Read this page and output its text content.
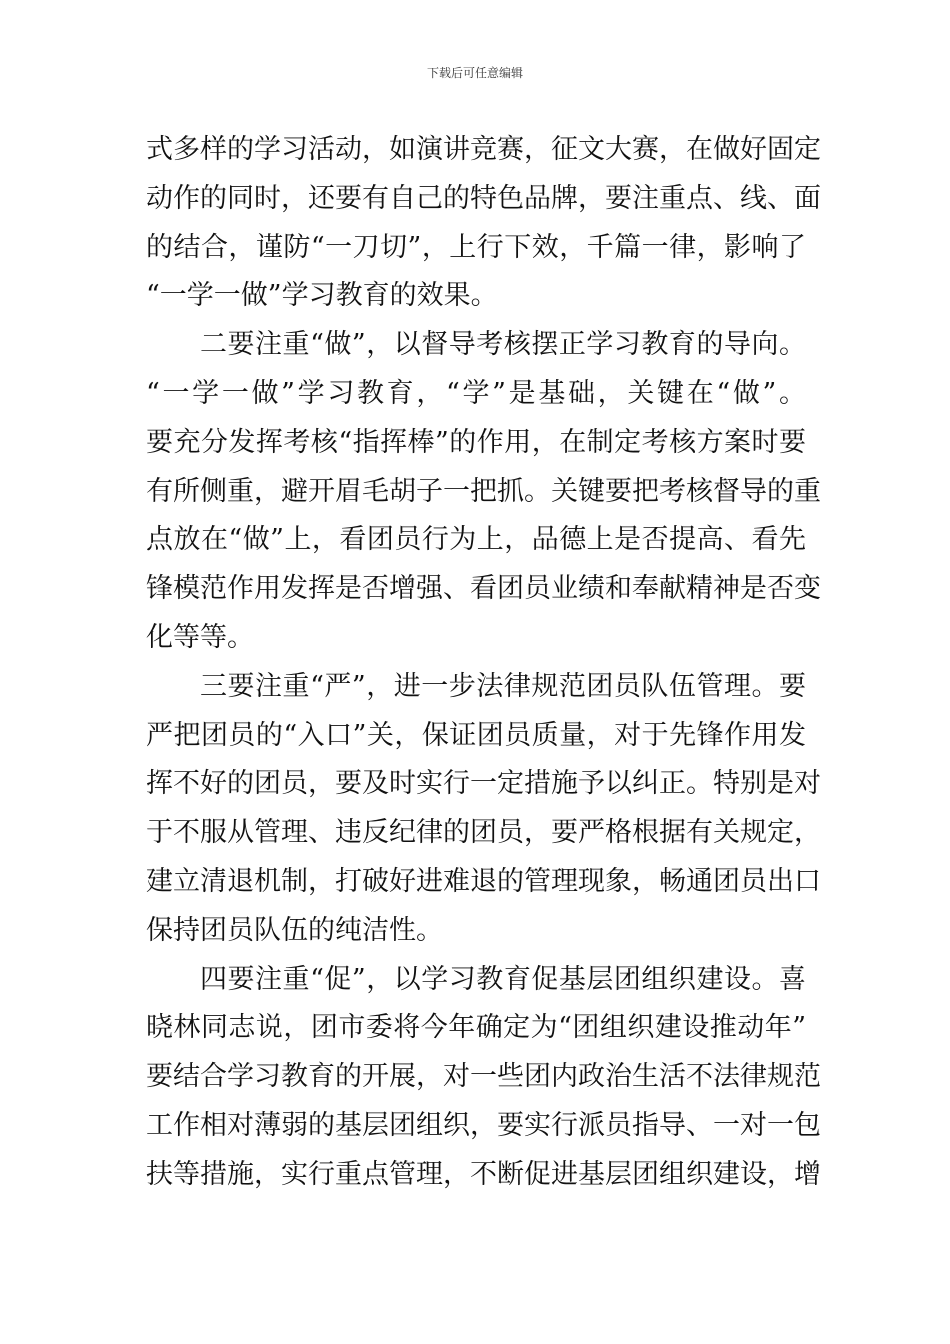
下载后可任意编辑
式多样的学习活动，如演讲竞赛，征文大赛，在做好固定
动作的同时，还要有自己的特色品牌，要注重点、线、面
的结合，谨防“一刀切”，上行下效，千篇一律，影响了
“一学一做”学习教育的效果。
二要注重“做”，以督导考核摆正学习教育的导向。
“一学一做”学习教育，“学”是基础，关键在“做”。
要充分发挥考核“指挥棒”的作用，在制定考核方案时要
有所侧重，避开眉毛胡子一把抓。关键要把考核督导的重
点放在“做”上，看团员行为上，品德上是否提高、看先
锋模范作用发挥是否增强、看团员业绩和奉献精神是否变
化等等。
三要注重“严”，进一步法律规范团员队伍管理。要
严把团员的“入口”关，保证团员质量，对于先锋作用发
挥不好的团员，要及时实行一定措施予以纠正。特别是对
于不服从管理、违反纪律的团员，要严格根据有关规定，
建立清退机制，打破好进难退的管理现象，畅通团员出口
保持团员队伍的纯洁性。
四要注重“促”，以学习教育促基层团组织建设。喜
晓林同志说，团市委将今年确定为“团组织建设推动年”
要结合学习教育的开展，对一些团内政治生活不法律规范
工作相对薄弱的基层团组织，要实行派员指导、一对一包
扶等措施，实行重点管理，不断促进基层团组织建设，增
